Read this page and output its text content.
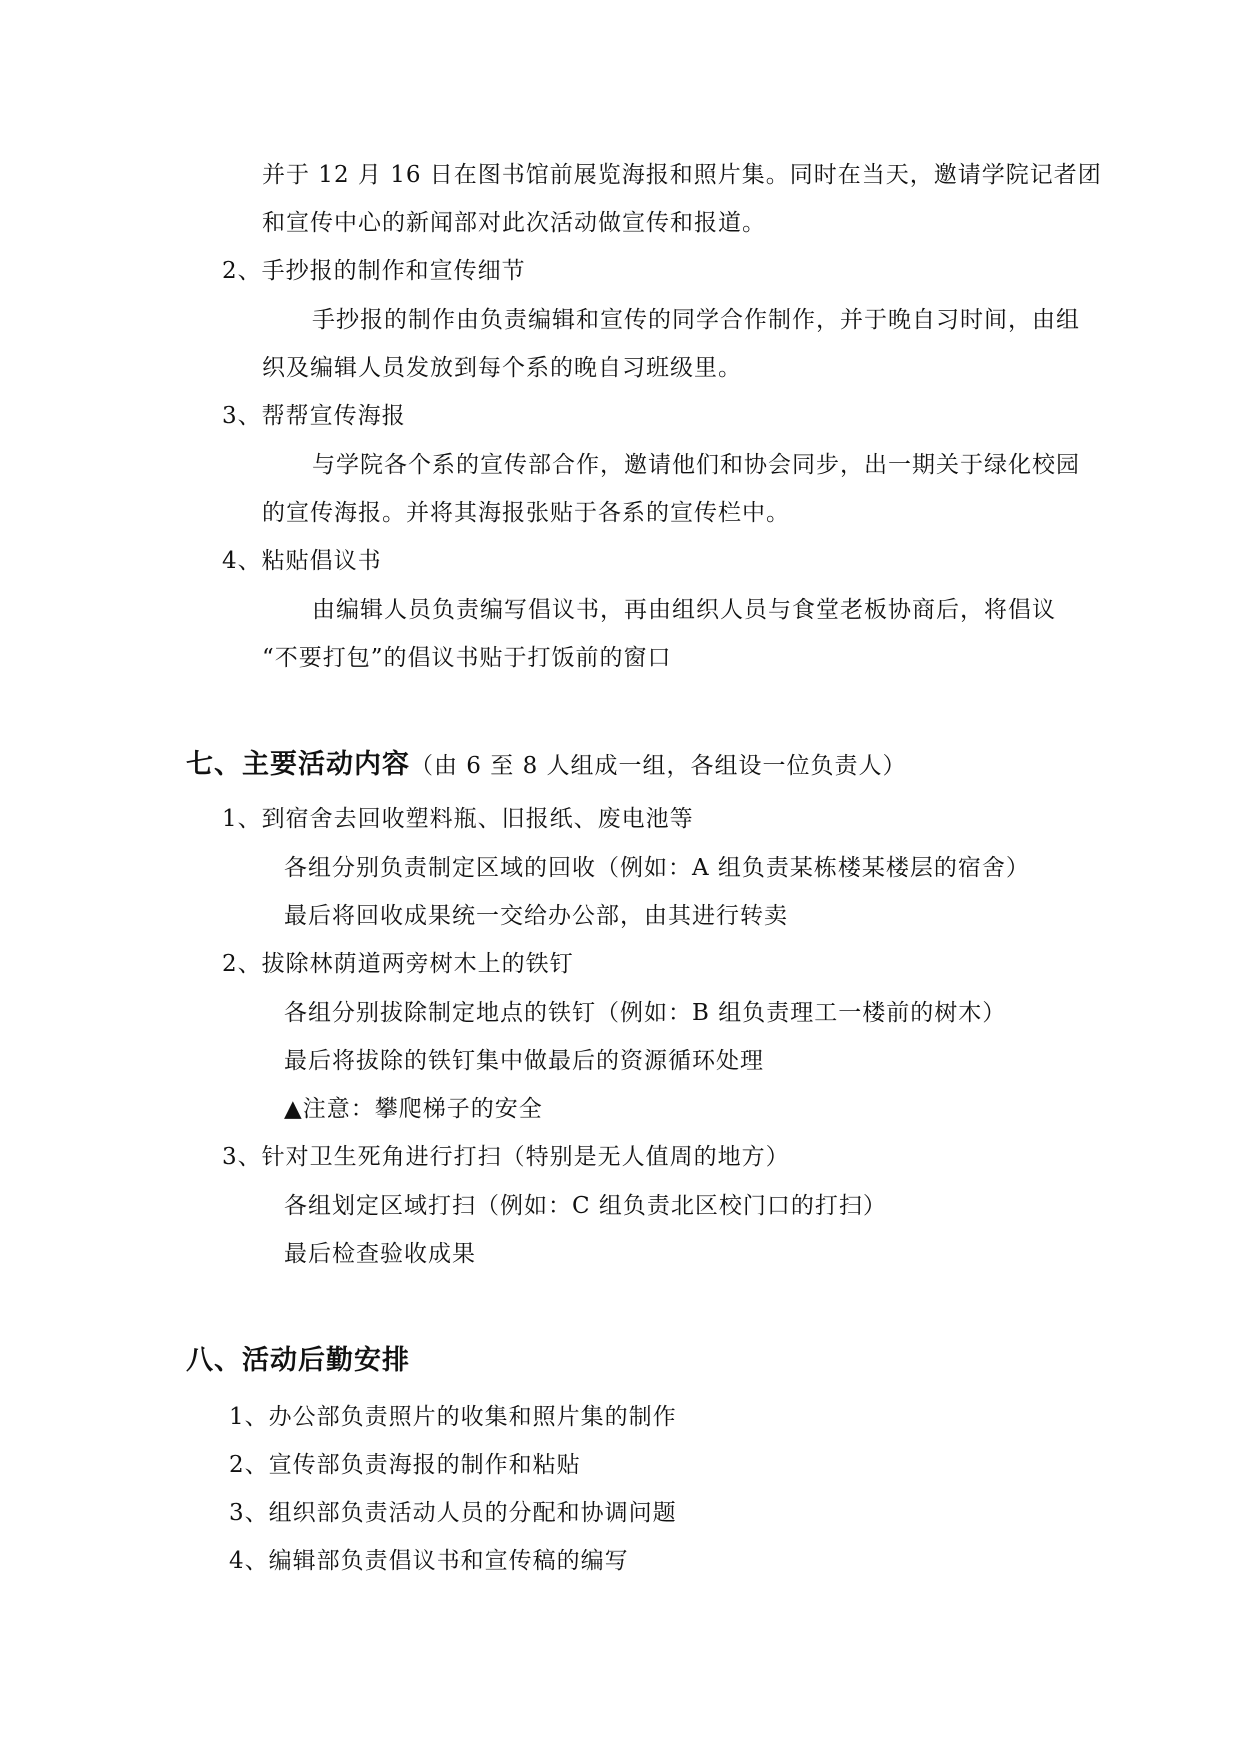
并于 12 月 16 日在图书馆前展览海报和照片集。同时在当天，邀请学院记者团
和宣传中心的新闻部对此次活动做宣传和报道。
2、手抄报的制作和宣传细节
手抄报的制作由负责编辑和宣传的同学合作制作，并于晚自习时间，由组
织及编辑人员发放到每个系的晚自习班级里。
3、帮帮宣传海报
与学院各个系的宣传部合作，邀请他们和协会同步，出一期关于绿化校园
的宣传海报。并将其海报张贴于各系的宣传栏中。
4、粘贴倡议书
由编辑人员负责编写倡议书，再由组织人员与食堂老板协商后，将倡议
“不要打包”的倡议书贴于打饭前的窗口
七、主要活动内容（由 6 至 8 人组成一组，各组设一位负责人）
1、到宿舍去回收塑料瓶、旧报纸、废电池等
各组分别负责制定区域的回收（例如：A 组负责某栋楼某楼层的宿舍）
最后将回收成果统一交给办公部，由其进行转卖
2、拔除林荫道两旁树木上的铁钉
各组分别拔除制定地点的铁钉（例如：B 组负责理工一楼前的树木）
最后将拔除的铁钉集中做最后的资源循环处理
▲注意：攀爬梯子的安全
3、针对卫生死角进行打扫（特别是无人值周的地方）
各组划定区域打扫（例如：C 组负责北区校门口的打扫）
最后检查验收成果
八、活动后勤安排
1、办公部负责照片的收集和照片集的制作
2、宣传部负责海报的制作和粘贴
3、组织部负责活动人员的分配和协调问题
4、编辑部负责倡议书和宣传稿的编写
